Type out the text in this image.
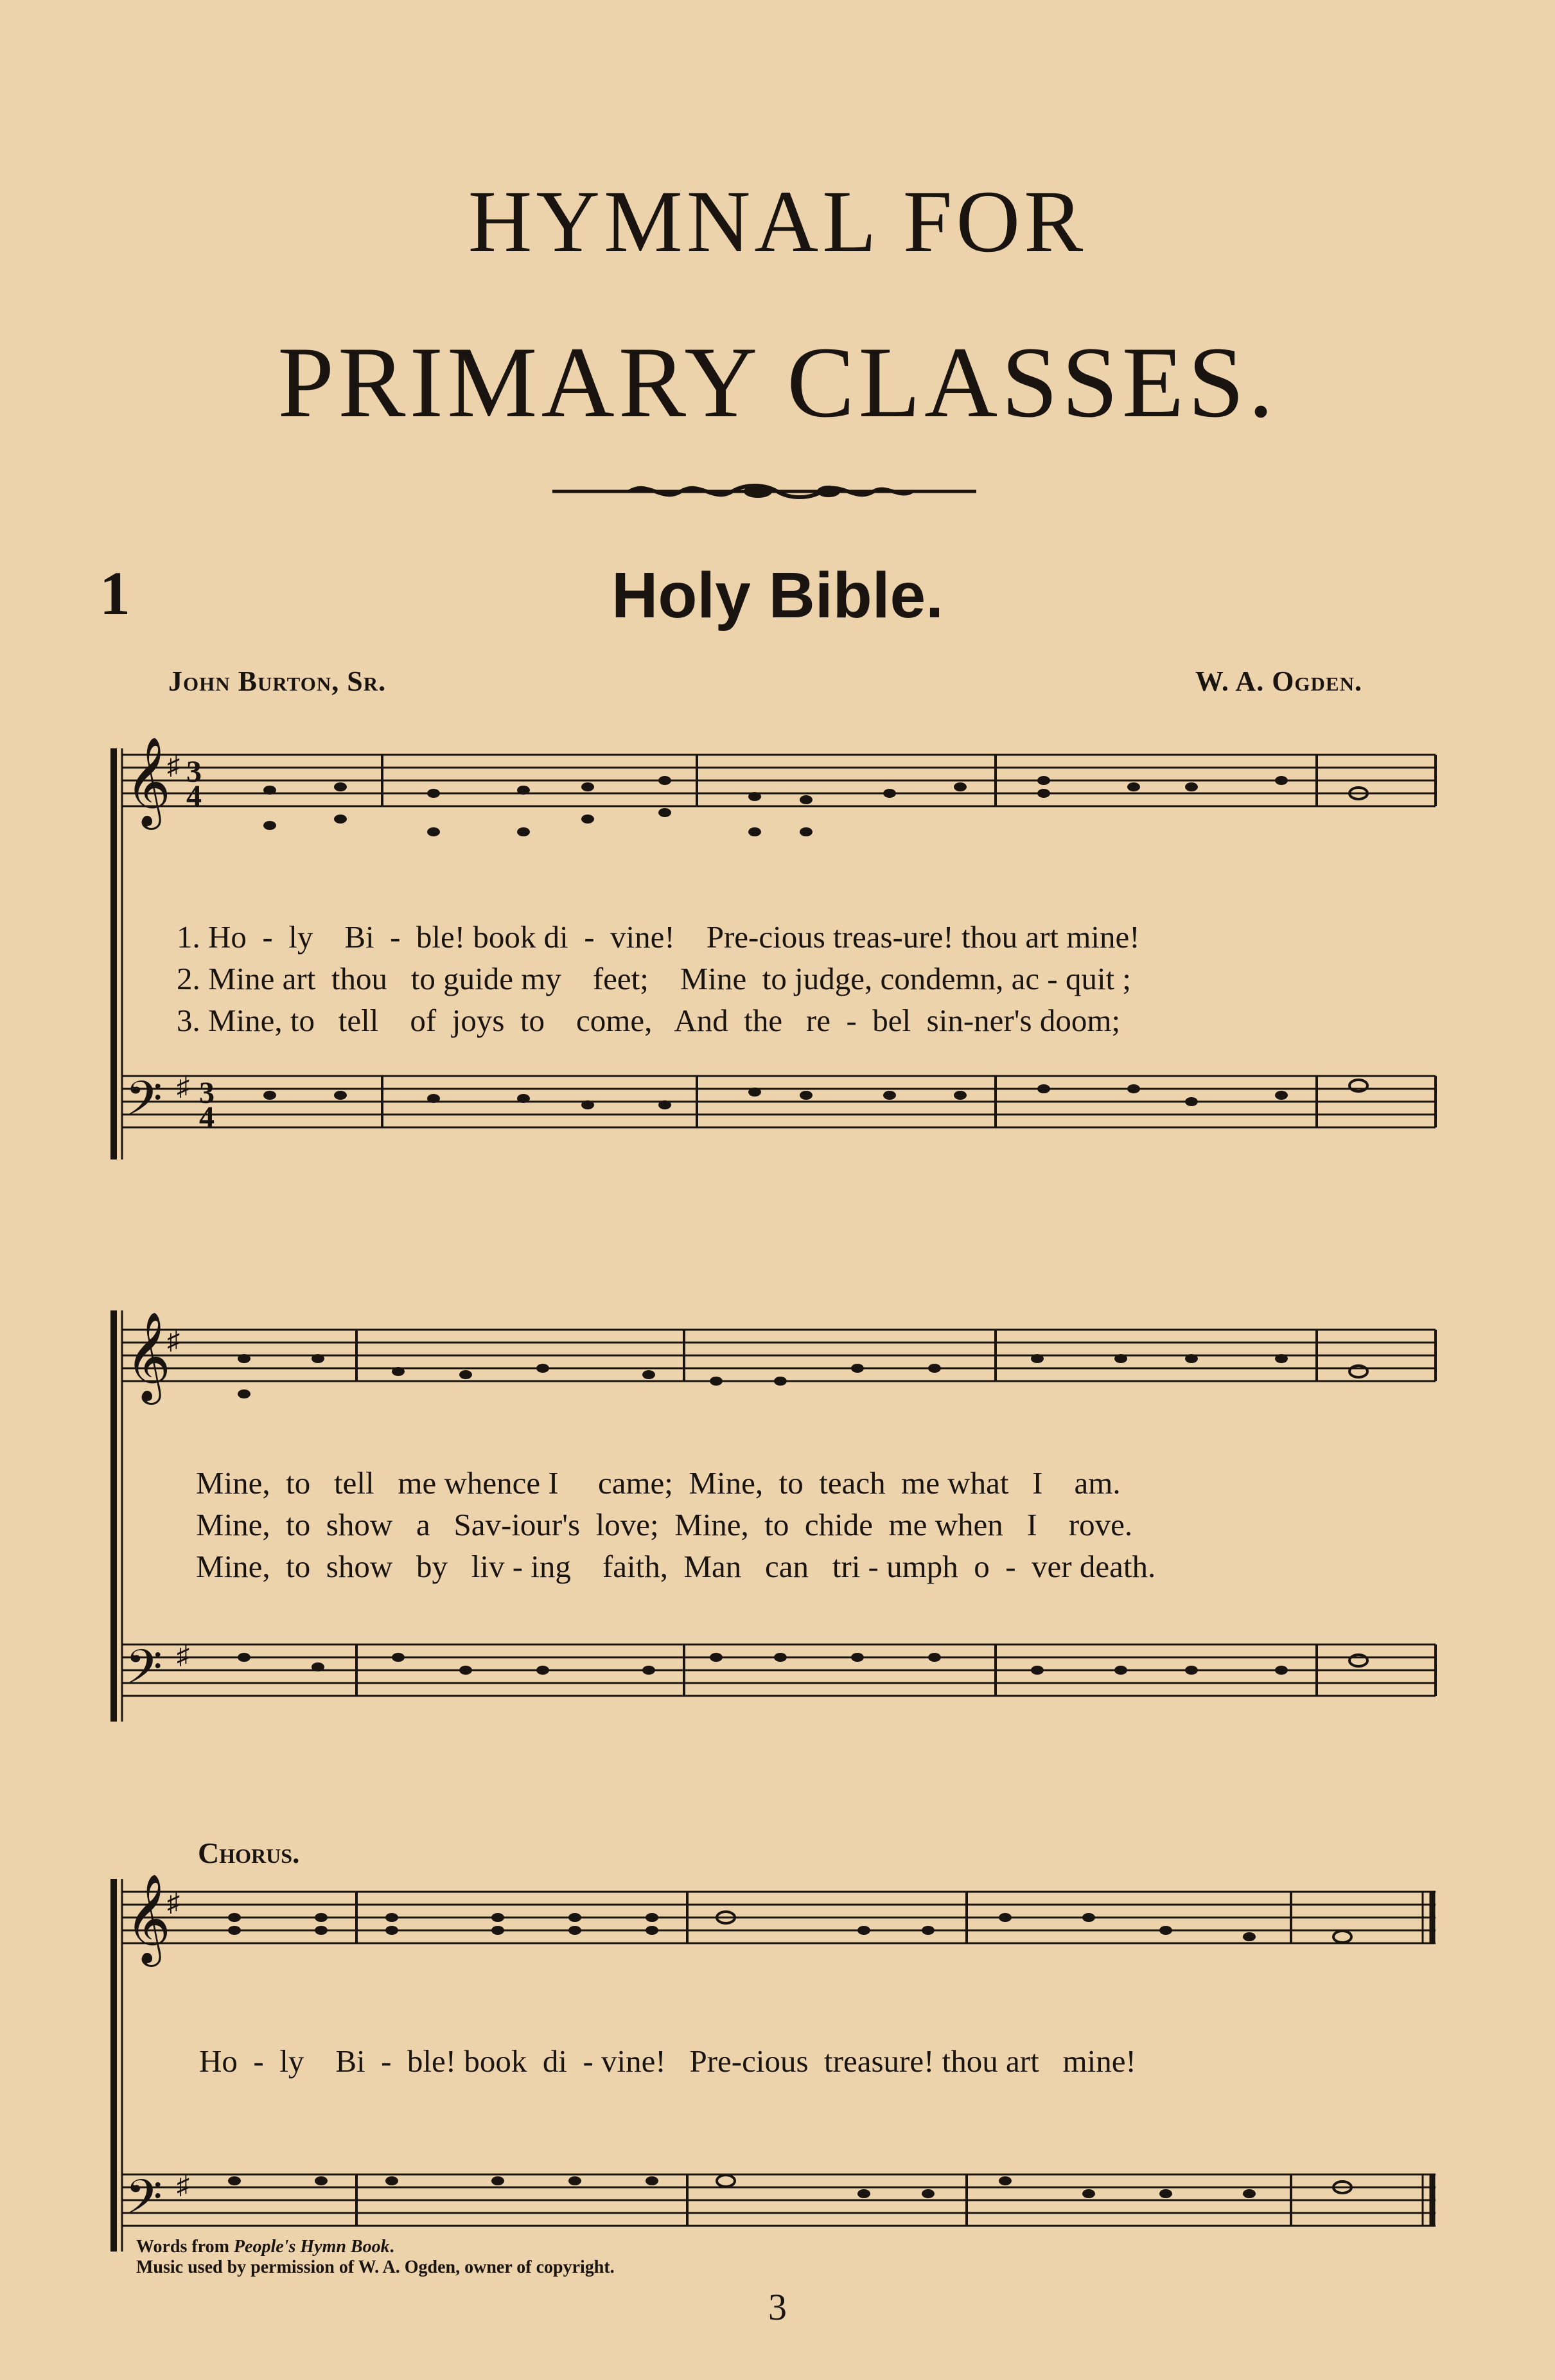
HYMNAL FOR
PRIMARY CLASSES.
1	Holy Bible.
John Burton, Sr.	W. A. Ogden.
𝄞
𝄢
3
4
3
4
♯
♯
1. Ho  -  ly    Bi  -  ble! book di  -  vine!    Pre-cious treas-ure! thou art mine!
2. Mine art  thou   to guide my    feet;    Mine  to judge, condemn, ac - quit ;
3. Mine, to   tell    of  joys  to    come,   And  the   re  -  bel  sin-ner's doom;
𝄞
𝄢
♯
♯
Mine,  to   tell   me whence I     came;  Mine,  to  teach  me what   I    am.
Mine,  to  show   a   Sav-iour's  love;  Mine,  to  chide  me when   I    rove.
Mine,  to  show   by   liv - ing    faith,  Man   can   tri - umph  o  -  ver death.
Chorus.
𝄞
𝄢
♯
♯
Ho  -  ly    Bi  -  ble! book  di  - vine!   Pre-cious  treasure! thou art   mine!
Words from People's Hymn Book.
Music used by permission of W. A. Ogden, owner of copyright.
3
